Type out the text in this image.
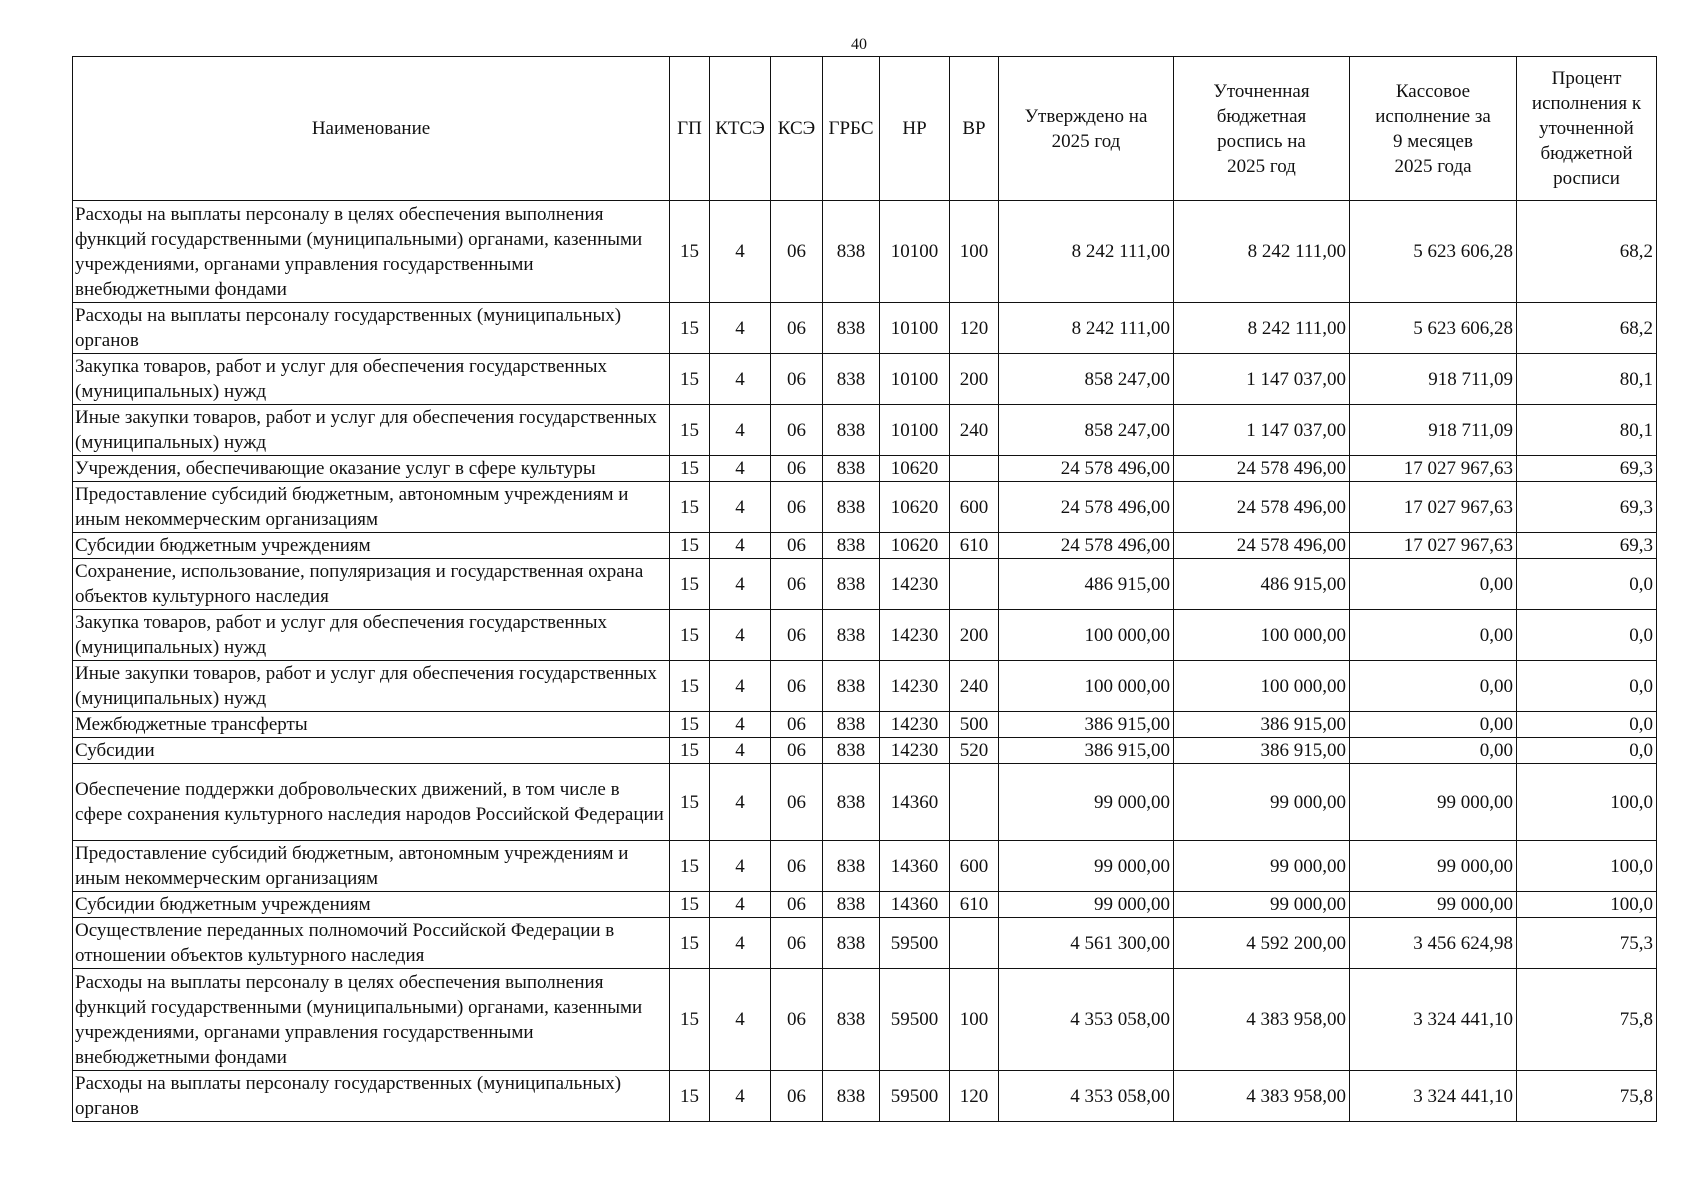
40
Наименование	ГП	КТСЭ	КСЭ	ГРБС	НР	ВР	Утверждено на 2025 год	Уточненная бюджетная роспись на 2025 год	Кассовое исполнение за 9 месяцев 2025 года	Процент исполнения к уточненной бюджетной росписи
Расходы на выплаты персоналу в целях обеспечения выполнения функций государственными (муниципальными) органами, казенными учреждениями, органами управления государственными внебюджетными фондами	15	4	06	838	10100	100	8 242 111,00	8 242 111,00	5 623 606,28	68,2
Расходы на выплаты персоналу государственных (муниципальных) органов	15	4	06	838	10100	120	8 242 111,00	8 242 111,00	5 623 606,28	68,2
Закупка товаров, работ и услуг для обеспечения государственных (муниципальных) нужд	15	4	06	838	10100	200	858 247,00	1 147 037,00	918 711,09	80,1
Иные закупки товаров, работ и услуг для обеспечения государственных (муниципальных) нужд	15	4	06	838	10100	240	858 247,00	1 147 037,00	918 711,09	80,1
Учреждения, обеспечивающие оказание услуг в сфере культуры	15	4	06	838	10620		24 578 496,00	24 578 496,00	17 027 967,63	69,3
Предоставление субсидий бюджетным, автономным учреждениям и иным некоммерческим организациям	15	4	06	838	10620	600	24 578 496,00	24 578 496,00	17 027 967,63	69,3
Субсидии бюджетным учреждениям	15	4	06	838	10620	610	24 578 496,00	24 578 496,00	17 027 967,63	69,3
Сохранение, использование, популяризация и государственная охрана объектов культурного наследия	15	4	06	838	14230		486 915,00	486 915,00	0,00	0,0
Закупка товаров, работ и услуг для обеспечения государственных (муниципальных) нужд	15	4	06	838	14230	200	100 000,00	100 000,00	0,00	0,0
Иные закупки товаров, работ и услуг для обеспечения государственных (муниципальных) нужд	15	4	06	838	14230	240	100 000,00	100 000,00	0,00	0,0
Межбюджетные трансферты	15	4	06	838	14230	500	386 915,00	386 915,00	0,00	0,0
Субсидии	15	4	06	838	14230	520	386 915,00	386 915,00	0,00	0,0
Обеспечение поддержки добровольческих движений, в том числе в сфере сохранения культурного наследия народов Российской Федерации	15	4	06	838	14360		99 000,00	99 000,00	99 000,00	100,0
Предоставление субсидий бюджетным, автономным учреждениям и иным некоммерческим организациям	15	4	06	838	14360	600	99 000,00	99 000,00	99 000,00	100,0
Субсидии бюджетным учреждениям	15	4	06	838	14360	610	99 000,00	99 000,00	99 000,00	100,0
Осуществление переданных полномочий Российской Федерации в отношении объектов культурного наследия	15	4	06	838	59500		4 561 300,00	4 592 200,00	3 456 624,98	75,3
Расходы на выплаты персоналу в целях обеспечения выполнения функций государственными (муниципальными) органами, казенными учреждениями, органами управления государственными внебюджетными фондами	15	4	06	838	59500	100	4 353 058,00	4 383 958,00	3 324 441,10	75,8
Расходы на выплаты персоналу государственных (муниципальных) органов	15	4	06	838	59500	120	4 353 058,00	4 383 958,00	3 324 441,10	75,8
